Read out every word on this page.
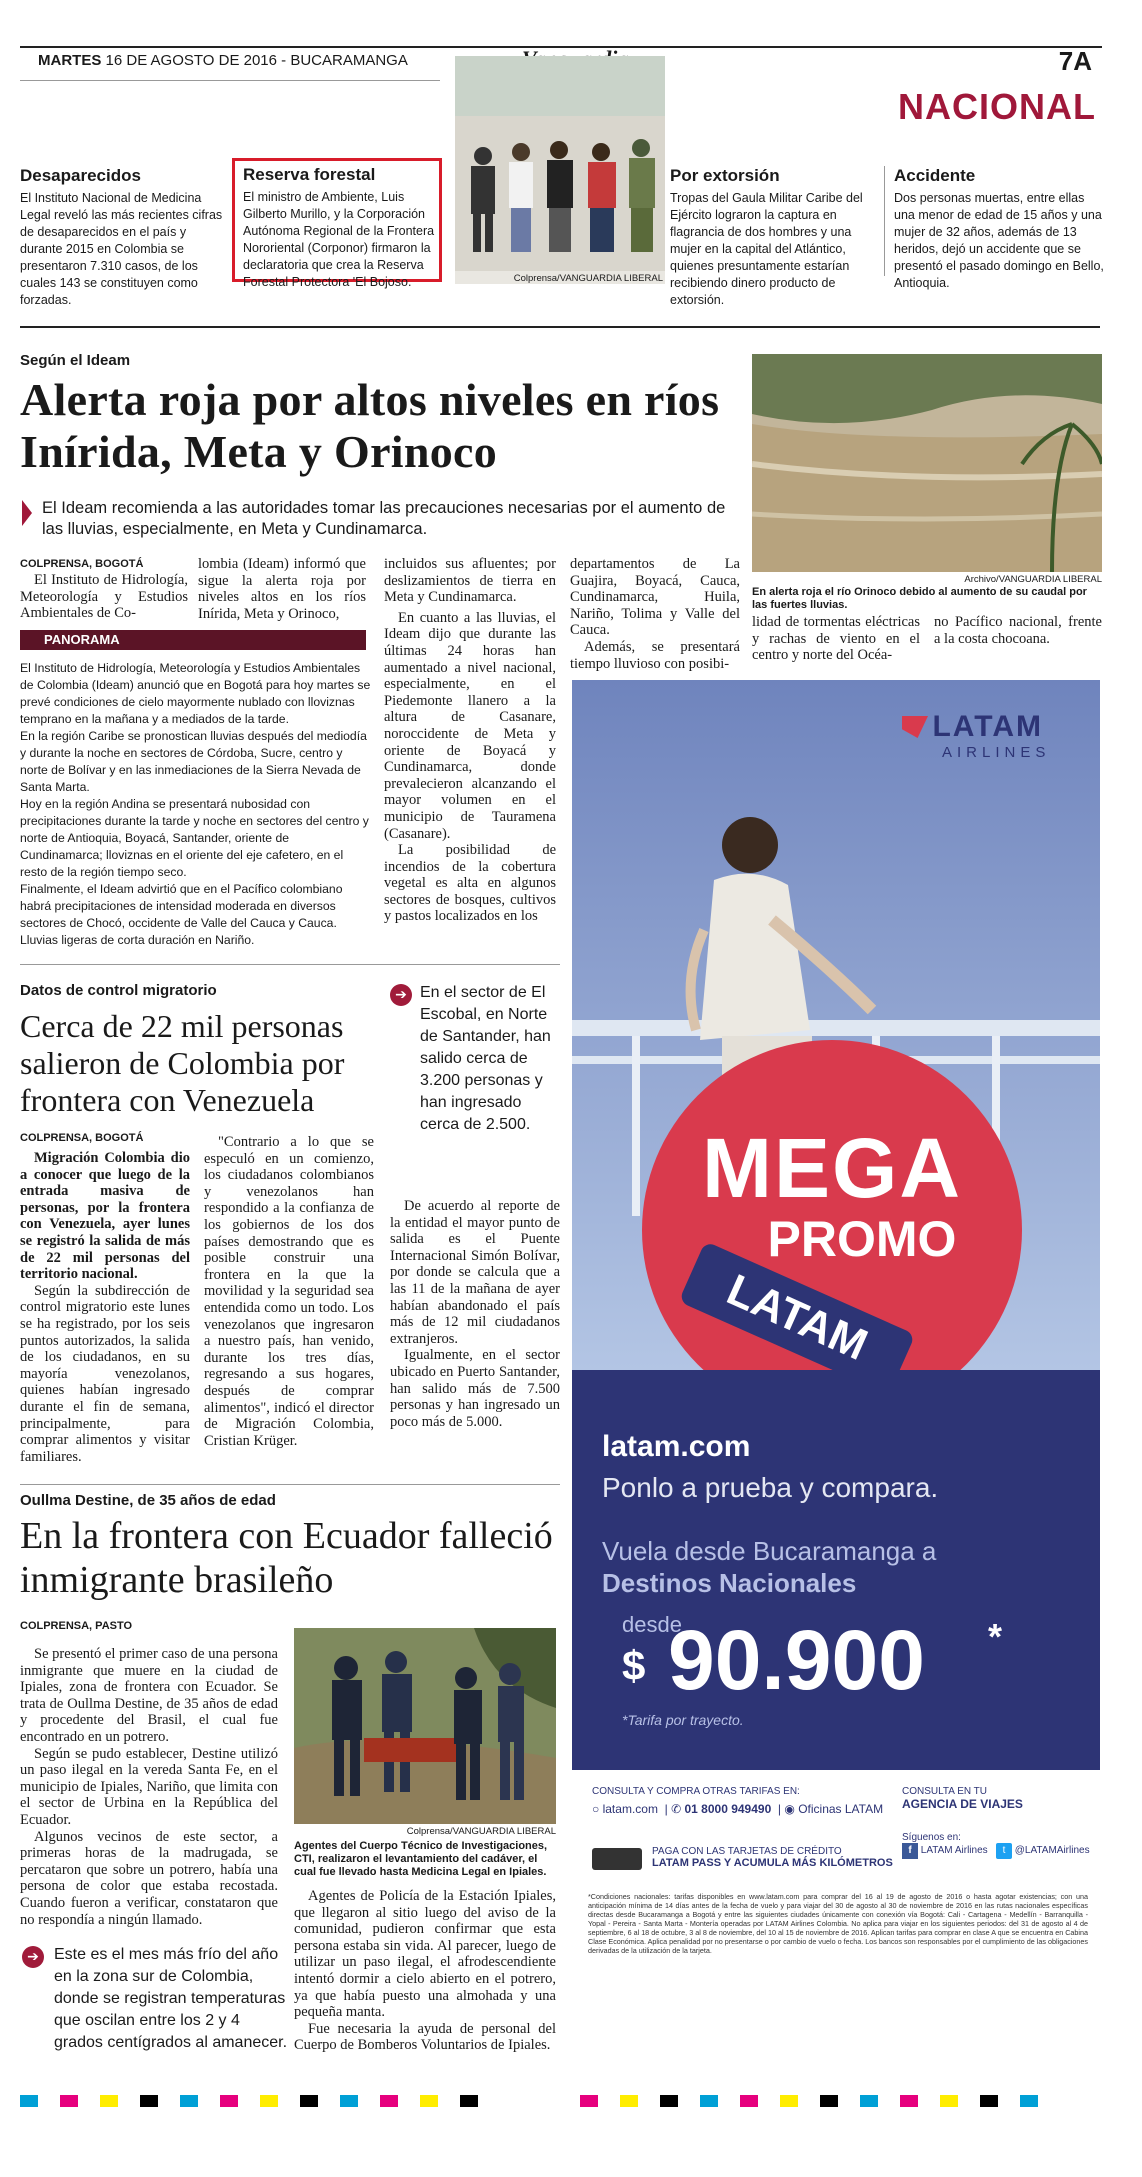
MARTES 16 DE AGOSTO DE 2016 - BUCARAMANGA	7A
NACIONAL
Desaparecidos
El Instituto Nacional de Medicina Legal reveló las más recientes cifras de desaparecidos en el país y durante 2015 en Colombia se presentaron 7.310 casos, de los cuales 143 se constituyen como forzadas.
Reserva forestal
El ministro de Ambiente, Luis Gilberto Murillo, y la Corporación Autónoma Regional de la Frontera Nororiental (Corponor) firmaron la declaratoria que crea la Reserva Forestal Protectora 'El Bojoso.	Colprensa/VANGUARDIA LIBERAL
Por extorsión
Tropas del Gaula Militar Caribe del Ejército lograron la captura en flagrancia de dos hombres y una mujer en la capital del Atlántico, quienes presuntamente estarían recibiendo dinero producto de extorsión.
Accidente
Dos personas muertas, entre ellas una menor de edad de 15 años y una mujer de 32 años, además de 13 heridos, dejó un accidente que se presentó el pasado domingo en Bello, Antioquia.
Según el Ideam
Alerta roja por altos niveles en ríos Inírida, Meta y Orinoco
El Ideam recomienda a las autoridades tomar las precauciones necesarias por el aumento de las lluvias, especialmente, en Meta y Cundinamarca.
Archivo/VANGUARDIA LIBERAL
En alerta roja el río Orinoco debido al aumento de su caudal por las fuertes lluvias.
COLPRENSA, BOGOTÁ

El Instituto de Hidrología, Meteorología y Estudios Ambientales de Co-

lombia (Ideam) informó que sigue la alerta roja por niveles altos en los ríos Inírida, Meta y Orinoco,

incluidos sus afluentes; por deslizamientos de tierra en Meta y Cundinamarca.

En cuanto a las lluvias, el Ideam dijo que durante las últimas 24 horas han aumentado a nivel nacional, especialmente, en el Piedemonte llanero a la altura de Casanare, noroccidente de Meta y oriente de Boyacá y Cundinamarca, donde prevalecieron alcanzando el mayor volumen en el municipio de Tauramena (Casanare).

La posibilidad de incendios de la cobertura vegetal es alta en algunos sectores de bosques, cultivos y pastos localizados en los

departamentos de La Guajira, Boyacá, Cauca, Cundinamarca, Huila, Nariño, Tolima y Valle del Cauca.

Además, se presentará tiempo lluvioso con posibi-

lidad de tormentas eléctricas y rachas de viento en el centro y norte del Océa-

no Pacífico nacional, frente a la costa chocoana.

PANORAMA

El Instituto de Hidrología, Meteorología y Estudios Ambientales de Colombia (Ideam) anunció que en Bogotá para hoy martes se prevé condiciones de cielo mayormente nublado con lloviznas temprano en la mañana y a mediados de la tarde.

En la región Caribe se pronostican lluvias después del mediodía y durante la noche en sectores de Córdoba, Sucre, centro y norte de Bolívar y en las inmediaciones de la Sierra Nevada de Santa Marta.

Hoy en la región Andina se presentará nubosidad con precipitaciones durante la tarde y noche en sectores del centro y norte de Antioquia, Boyacá, Santander, oriente de Cundinamarca; lloviznas en el oriente del eje cafetero, en el resto de la región tiempo seco.

Finalmente, el Ideam advirtió que en el Pacífico colombiano habrá precipitaciones de intensidad moderada en diversos sectores de Chocó, occidente de Valle del Cauca y Cauca. Lluvias ligeras de corta duración en Nariño.

Datos de control migratorio
Cerca de 22 mil personas salieron de Colombia por frontera con Venezuela
COLPRENSA, BOGOTÁ

Migración Colombia dio a conocer que luego de la entrada masiva de personas, por la frontera con Venezuela, ayer lunes se registró la salida de más de 22 mil personas del territorio nacional.

Según la subdirección de control migratorio este lunes se ha registrado, por los seis puntos autorizados, la salida de los ciudadanos, en su mayoría venezolanos, quienes habían ingresado durante el fin de semana, principalmente, para comprar alimentos y visitar familiares.

"Contrario a lo que se especuló en un comienzo, los ciudadanos colombianos y venezolanos han respondido a la confianza de los gobiernos de los dos países demostrando que es posible construir una frontera en la que la movilidad y la seguridad sea entendida como un todo. Los venezolanos que ingresaron a nuestro país, han venido, durante los tres días, regresando a sus hogares, después de comprar alimentos", indicó el director de Migración Colombia, Cristian Krüger.

➔ En el sector de El Escobal, en Norte de Santander, han salido cerca de 3.200 personas y han ingresado cerca de 2.500.

De acuerdo al reporte de la entidad el mayor punto de salida es el Puente Internacional Simón Bolívar, por donde se calcula que a las 11 de la mañana de ayer habían abandonado el país más de 12 mil ciudadanos extranjeros.

Igualmente, en el sector ubicado en Puerto Santander, han salido más de 7.500 personas y han ingresado un poco más de 5.000.

Oullma Destine, de 35 años de edad
En la frontera con Ecuador falleció inmigrante brasileño
COLPRENSA, PASTO

Se presentó el primer caso de una persona inmigrante que muere en la ciudad de Ipiales, zona de frontera con Ecuador. Se trata de Oullma Destine, de 35 años de edad y procedente del Brasil, el cual fue encontrado en un potrero.

Según se pudo establecer, Destine utilizó un paso ilegal en la vereda Santa Fe, en el municipio de Ipiales, Nariño, que limita con el sector de Urbina en la República del Ecuador.

Algunos vecinos de este sector, a primeras horas de la madrugada, se percataron que sobre un potrero, había una persona de color que estaba recostada. Cuando fueron a verificar, constataron que no respondía a ningún llamado.

Colprensa/VANGUARDIA LIBERAL
Agentes del Cuerpo Técnico de Investigaciones, CTI, realizaron el levantamiento del cadáver, el cual fue llevado hasta Medicina Legal en Ipiales.
➔ Este es el mes más frío del año en la zona sur de Colombia, donde se registran temperaturas que oscilan entre los 2 y 4 grados centígrados al amanecer.

Agentes de Policía de la Estación Ipiales, que llegaron al sitio luego del aviso de la comunidad, pudieron confirmar que esta persona estaba sin vida. Al parecer, luego de utilizar un paso ilegal, el afrodescendiente intentó dormir a cielo abierto en el potrero, ya que había puesto una almohada y una pequeña manta.

Fue necesaria la ayuda de personal del Cuerpo de Bomberos Voluntarios de Ipiales.

LATAM
AIRLINES
MEGA
PROMO
LATAM
latam.com
Ponlo a prueba y compara.
Vuela desde Bucaramanga a
Destinos Nacionales
desde
$ 90.900 *
*Tarifa por trayecto.
CONSULTA Y COMPRA OTRAS TARIFAS EN:
○ latam.com  | ✆ 01 8000 949490  | ◉ Oficinas LATAM
CONSULTA EN TU
AGENCIA DE VIAJES
PAGA CON LAS TARJETAS DE CRÉDITO
LATAM PASS Y ACUMULA MÁS KILÓMETROS
Síguenos en:
f LATAM Airlines t @LATAMAirlines
*Condiciones nacionales: tarifas disponibles en www.latam.com para comprar del 16 al 19 de agosto de 2016 o hasta agotar existencias; con una anticipación mínima de 14 días antes de la fecha de vuelo y para viajar del 30 de agosto al 30 de noviembre de 2016 en las rutas nacionales específicas directas desde Bucaramanga a Bogotá y entre las siguientes ciudades únicamente con conexión vía Bogotá: Cali - Cartagena - Medellín - Barranquilla - Yopal - Pereira - Santa Marta - Montería operadas por LATAM Airlines Colombia. No aplica para viajar en los siguientes periodos: del 31 de agosto al 4 de septiembre, 6 al 18 de octubre, 3 al 8 de noviembre, del 10 al 15 de noviembre de 2016. Aplican tarifas para comprar en clase A que se encuentra en Cabina Clase Económica. Aplica penalidad por no presentarse o por cambio de vuelo o fecha. Los bancos son responsables por el cumplimiento de las obligaciones derivadas de la utilización de la tarjeta.
